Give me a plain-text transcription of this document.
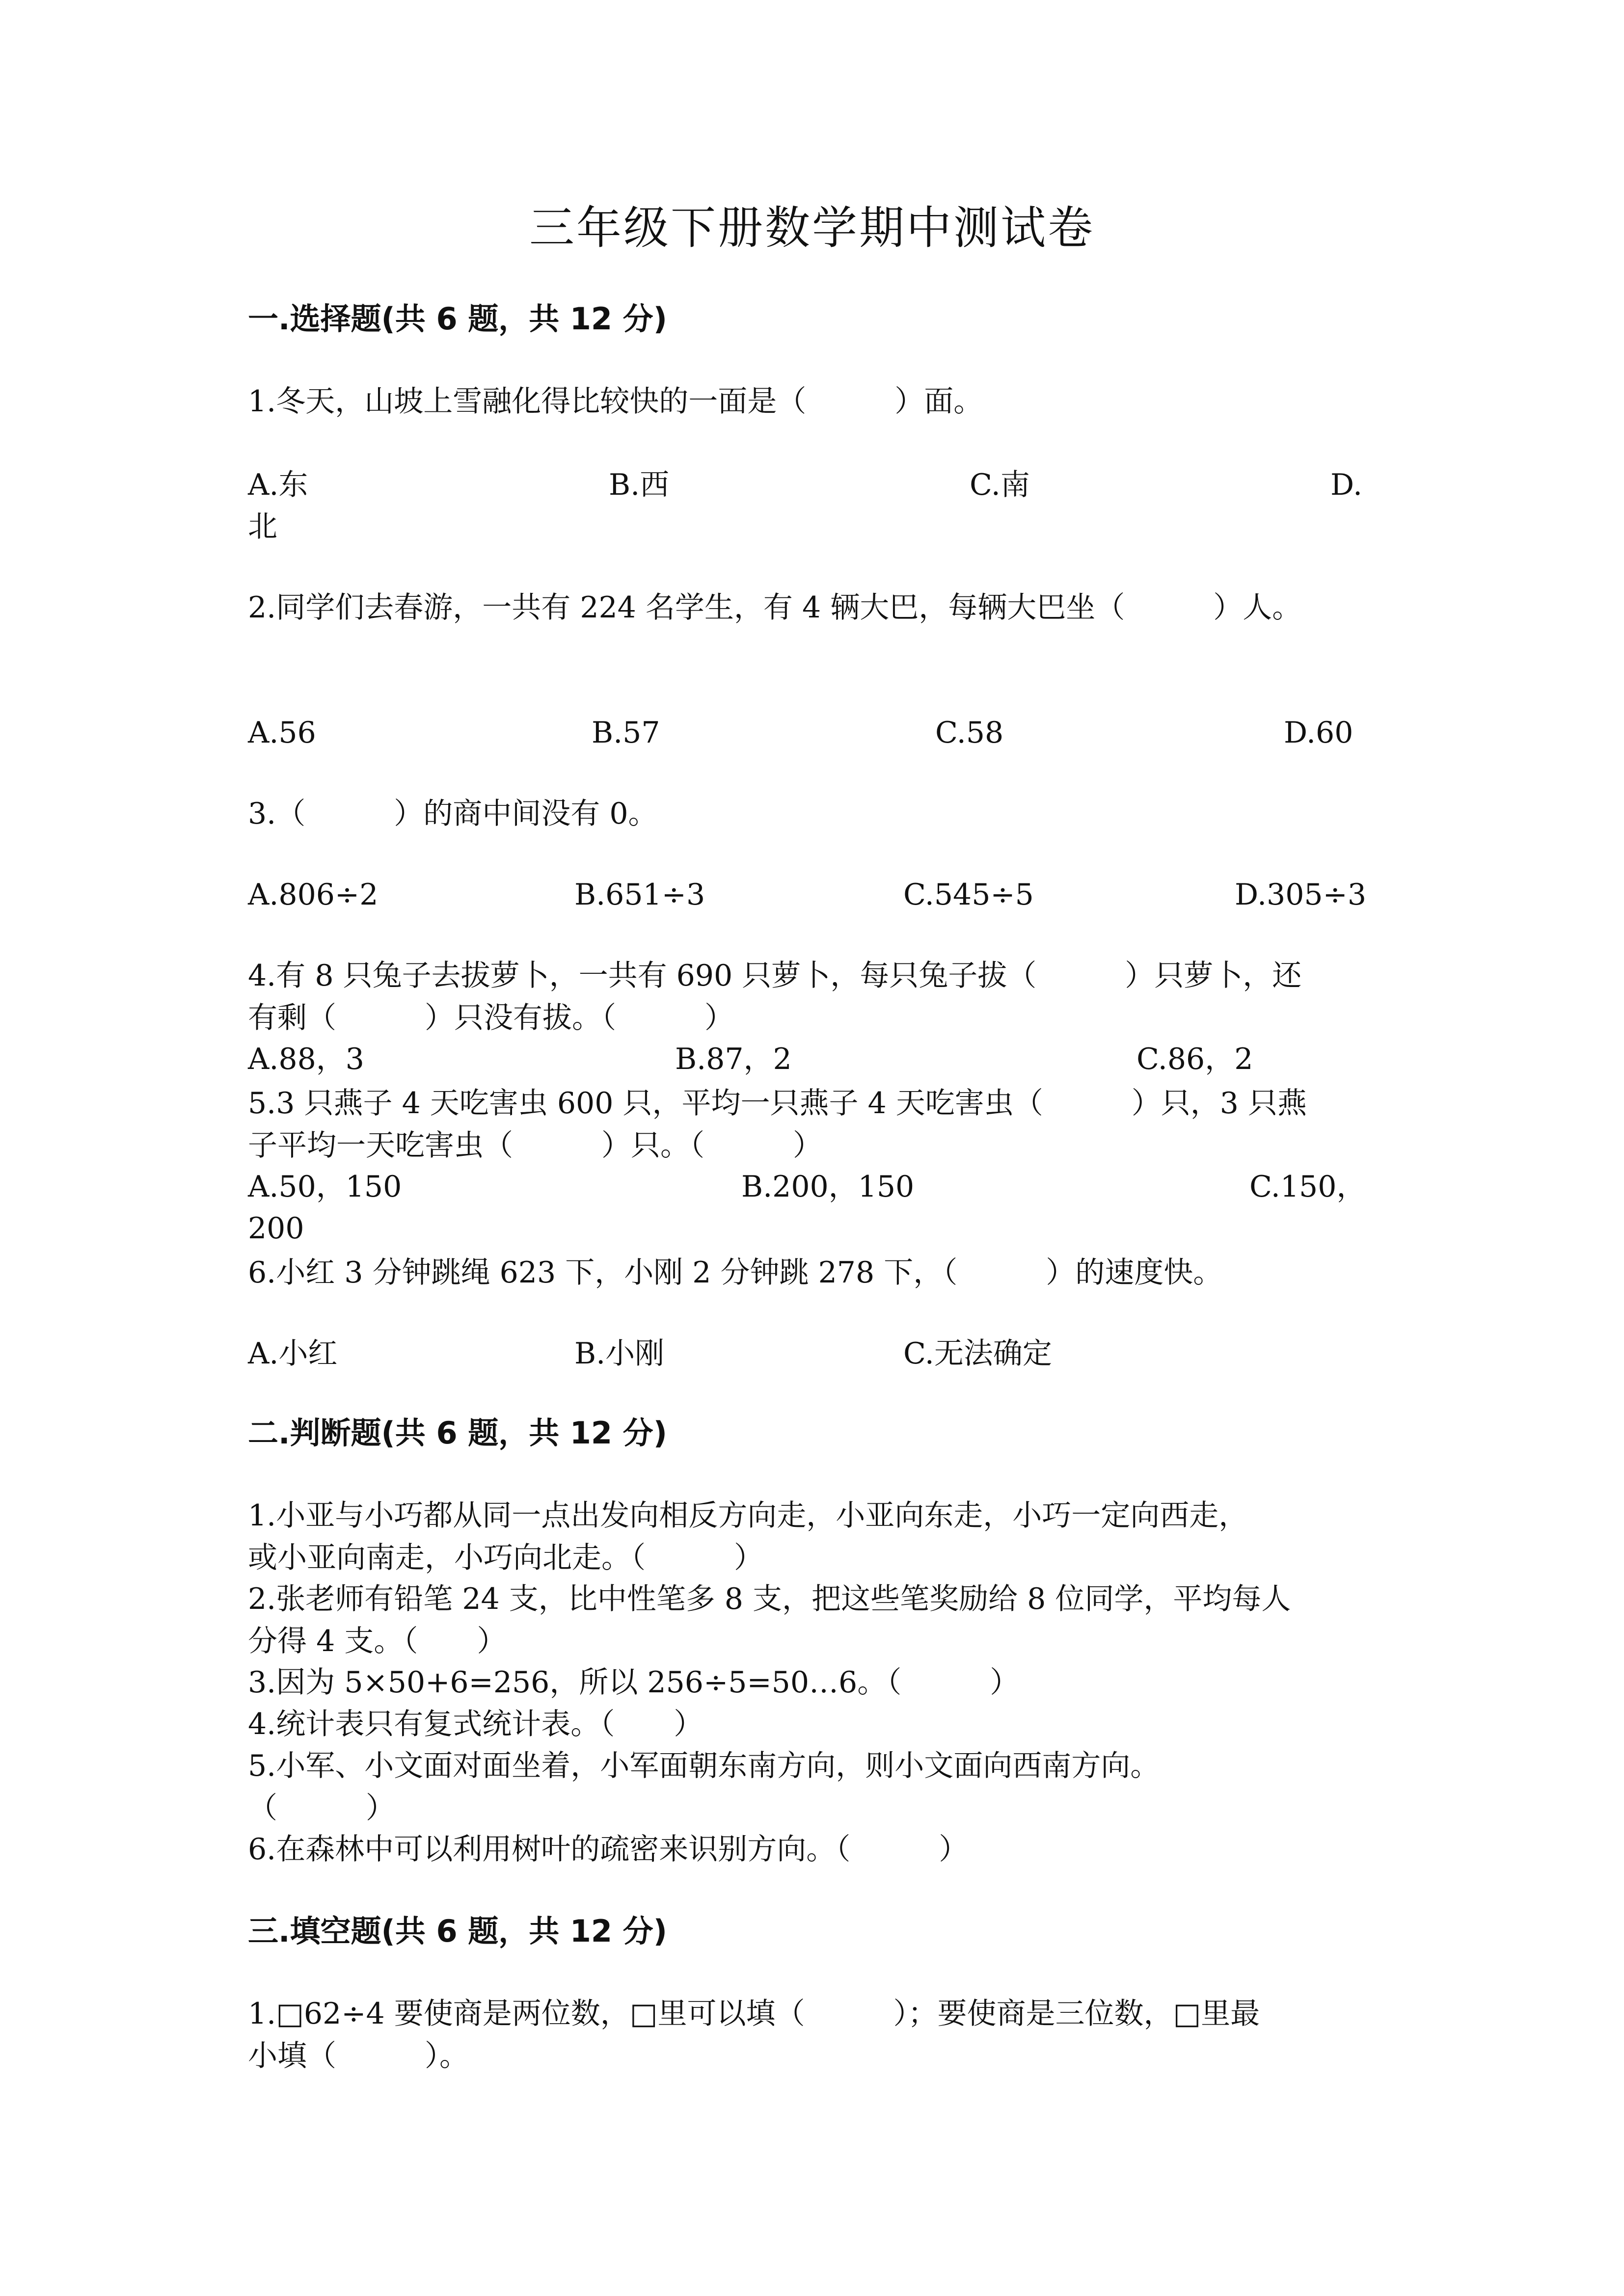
三年级下册数学期中测试卷
一.选择题(共 6 题，共 12 分)
1.冬天，山坡上雪融化得比较快的一面是（　　　）面。
A.东	B.西	C.南	D.
北
2.同学们去春游，一共有 224 名学生，有 4 辆大巴，每辆大巴坐（　　　）人。
A.56	B.57	C.58	D.60
3.（　　　）的商中间没有 0。
A.806÷2	B.651÷3	C.545÷5	D.305÷3
4.有 8 只兔子去拔萝卜，一共有 690 只萝卜，每只兔子拔（　　　）只萝卜，还
有剩（　　　）只没有拔。（　　　）
A.88，3	B.87，2	C.86，2
5.3 只燕子 4 天吃害虫 600 只，平均一只燕子 4 天吃害虫（　　　）只，3 只燕
子平均一天吃害虫（　　　）只。（　　　）
A.50，150	B.200，150	C.150，
200
6.小红 3 分钟跳绳 623 下，小刚 2 分钟跳 278 下，（　　　）的速度快。
A.小红	B.小刚	C.无法确定
二.判断题(共 6 题，共 12 分)
1.小亚与小巧都从同一点出发向相反方向走，小亚向东走，小巧一定向西走，
或小亚向南走，小巧向北走。（　　　）
2.张老师有铅笔 24 支，比中性笔多 8 支，把这些笔奖励给 8 位同学，平均每人
分得 4 支。（　　）
3.因为 5×50+6=256，所以 256÷5=50…6。（　　　）
4.统计表只有复式统计表。（　　）
5.小军、小文面对面坐着，小军面朝东南方向，则小文面向西南方向。
（　　　）
6.在森林中可以利用树叶的疏密来识别方向。（　　　）
三.填空题(共 6 题，共 12 分)
1.□62÷4 要使商是两位数，□里可以填（　　　）；要使商是三位数，□里最
小填（　　　）。
